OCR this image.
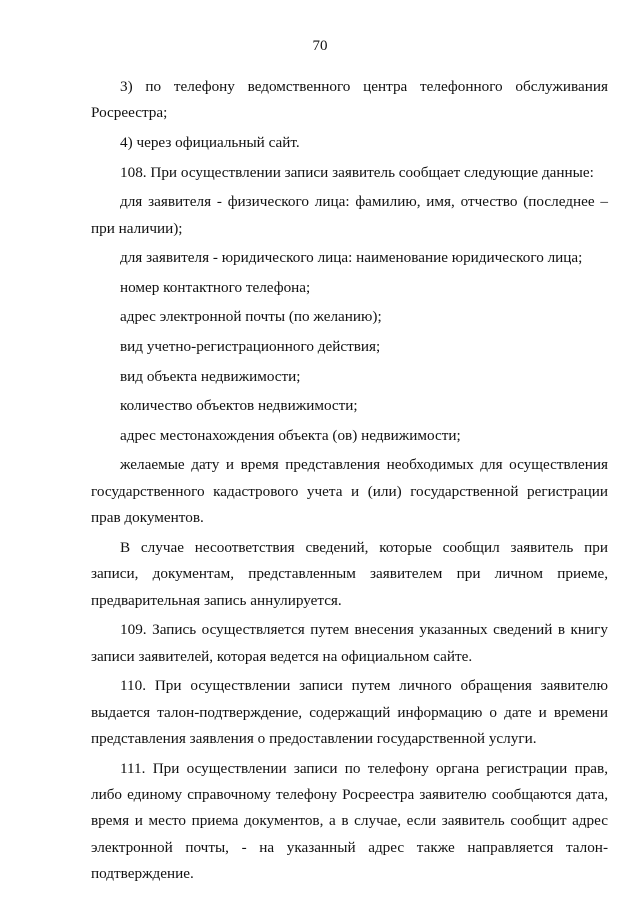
70

3) по телефону ведомственного центра телефонного обслуживания Росреестра;

4) через официальный сайт.

108. При осуществлении записи заявитель сообщает следующие данные:

для заявителя - физического лица: фамилию, имя, отчество (последнее – при наличии);

для заявителя - юридического лица: наименование юридического лица;

номер контактного телефона;

адрес электронной почты (по желанию);

вид учетно-регистрационного действия;

вид объекта недвижимости;

количество объектов недвижимости;

адрес местонахождения объекта (ов) недвижимости;

желаемые дату и время представления необходимых для осуществления государственного кадастрового учета и (или) государственной регистрации прав документов.

В случае несоответствия сведений, которые сообщил заявитель при записи, документам, представленным заявителем при личном приеме, предварительная запись аннулируется.

109. Запись осуществляется путем внесения указанных сведений в книгу записи заявителей, которая ведется на официальном сайте.

110. При осуществлении записи путем личного обращения заявителю выдается талон-подтверждение, содержащий информацию о дате и времени представления заявления о предоставлении государственной услуги.

111. При осуществлении записи по телефону органа регистрации прав, либо единому справочному телефону Росреестра заявителю сообщаются дата, время и место приема документов, а в случае, если заявитель сообщит адрес электронной почты, - на указанный адрес также направляется талон-подтверждение.
